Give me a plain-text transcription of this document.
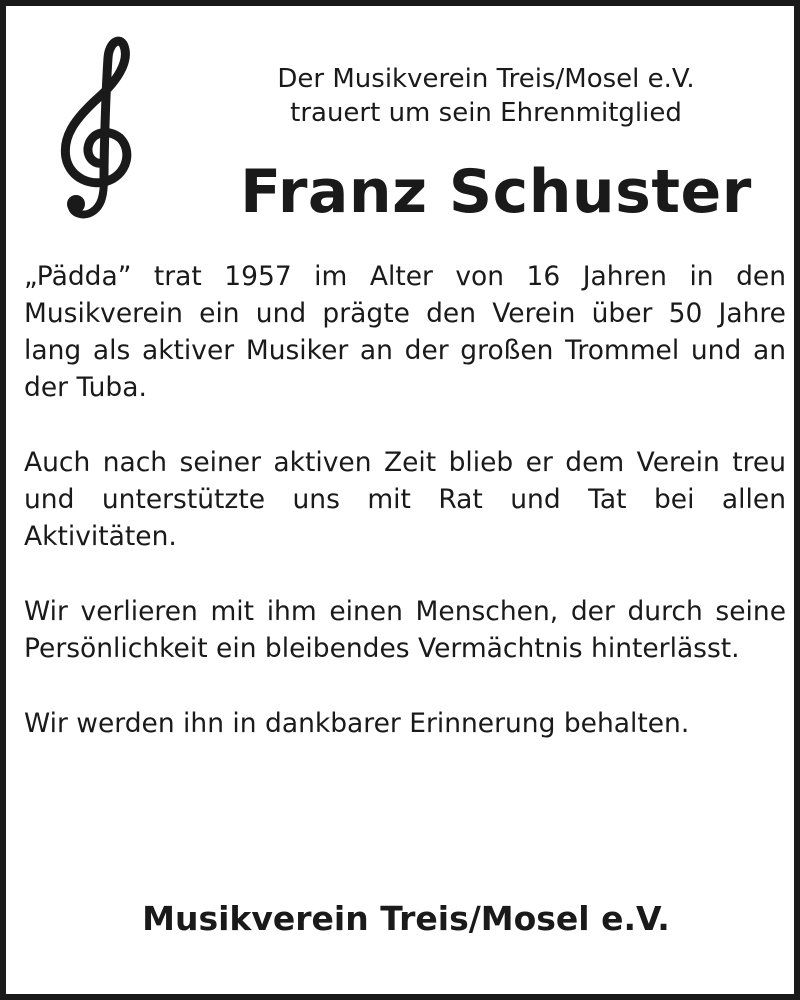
Der Musikverein Treis/Mosel e.V.
trauert um sein Ehrenmitglied
Franz Schuster

„Pädda” trat 1957 im Alter von 16 Jahren in den Musikverein ein und prägte den Verein über 50 Jahre lang als aktiver Musiker an der großen Trommel und an der Tuba.

Auch nach seiner aktiven Zeit blieb er dem Verein treu und unterstützte uns mit Rat und Tat bei allen Aktivitäten.

Wir verlieren mit ihm einen Menschen, der durch seine Persönlichkeit ein bleibendes Vermächtnis hinterlässt.

Wir werden ihn in dankbarer Erinnerung behalten.

Musikverein Treis/Mosel e.V.
